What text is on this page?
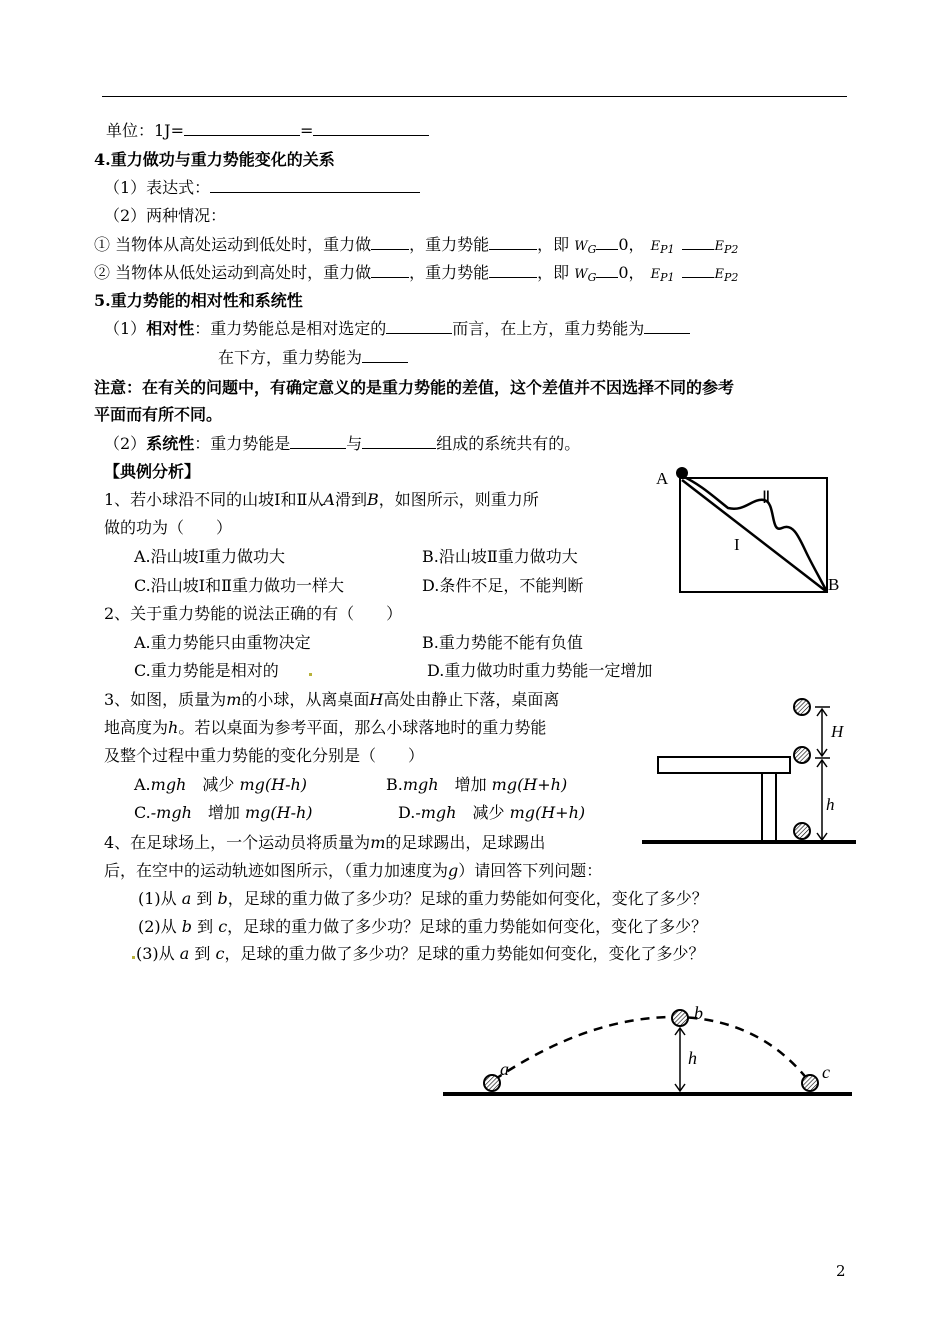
单位：1J=	=
4.重力做功与重力势能变化的关系
（1）表达式：
（2）两种情况：
① 当物体从高处运动到低处时，重力做 ，重力势能	，即 $W_G$ 0， $E_{P1}$	$E_{P2}$
② 当物体从低处运动到高处时，重力做 ，重力势能	，即 $W_G$ 0， $E_{P1}$	$E_{P2}$
5.重力势能的相对性和系统性
（1）相对性：重力势能总是相对选定的	而言，在上方，重力势能为
在下方，重力势能为
注意：在有关的问题中，有确定意义的是重力势能的差值，这个差值并不因选择不同的参考
平面而有所不同。
（2）系统性：重力势能是	与	组成的系统共有的。
【典例分析】
1、若小球沿不同的山坡Ⅰ和Ⅱ从A滑到B，如图所示，则重力所
做的功为（　　）
A.沿山坡Ⅰ重力做功大	B.沿山坡Ⅱ重力做功大
C.沿山坡Ⅰ和Ⅱ重力做功一样大	D.条件不足，不能判断
2、关于重力势能的说法正确的有（　　）
A.重力势能只由重物决定	B.重力势能不能有负值
C.重力势能是相对的	D.重力做功时重力势能一定增加
3、如图，质量为m的小球，从离桌面H高处由静止下落，桌面离
地高度为h。若以桌面为参考平面，那么小球落地时的重力势能
及整个过程中重力势能的变化分别是（　　）
A.mgh　减少 mg(H-h)	B.mgh　增加 mg(H+h)
C.-mgh　增加 mg(H-h)	D.-mgh　减少 mg(H+h)
4、在足球场上，一个运动员将质量为m的足球踢出，足球踢出
后，在空中的运动轨迹如图所示，（重力加速度为g）请回答下列问题：
(1)从 a 到 b，足球的重力做了多少功？足球的重力势能如何变化，变化了多少？
(2)从 b 到 c，足球的重力做了多少功？足球的重力势能如何变化，变化了多少？
(3)从 a 到 c，足球的重力做了多少功？足球的重力势能如何变化，变化了多少？
A
B
Ⅱ
I
H
h
a
b
c
h
2
